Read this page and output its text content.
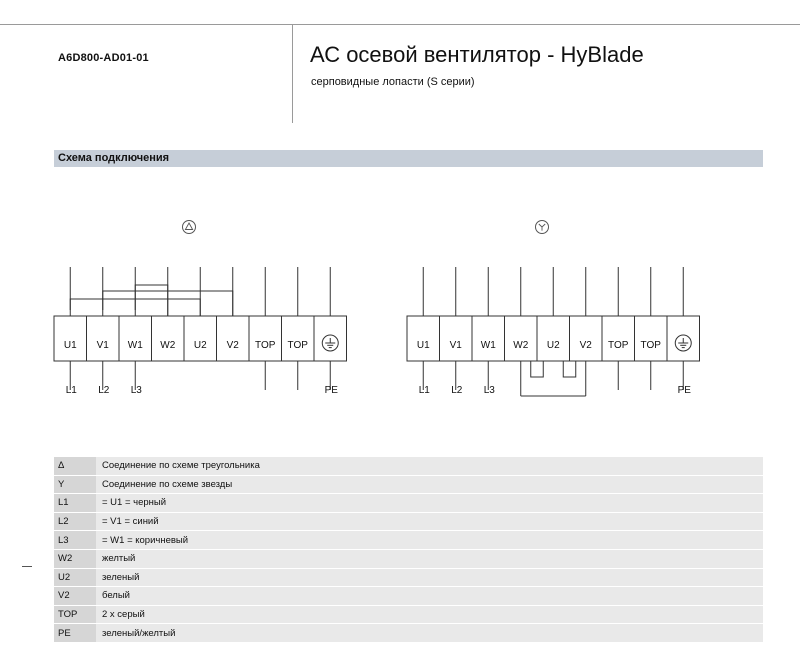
A6D800-AD01-01	АС осевой вентилятор - HyBlade
серповидные лопасти (S серии)
Схема подключения
U1 V1 W1 W2 U2 V2 TOP TOP
L1 L2 L3	PE
U1 V1 W1 W2 U2 V2 TOP TOP
L1 L2 L3	PE
Δ	Соединение по схеме треугольника
Y	Соединение по схеме звезды
L1	= U1 = черный
L2	= V1 = синий
L3	= W1 = коричневый
W2	желтый
U2	зеленый
V2	белый
TOP	2 x серый
PE	зеленый/желтый
